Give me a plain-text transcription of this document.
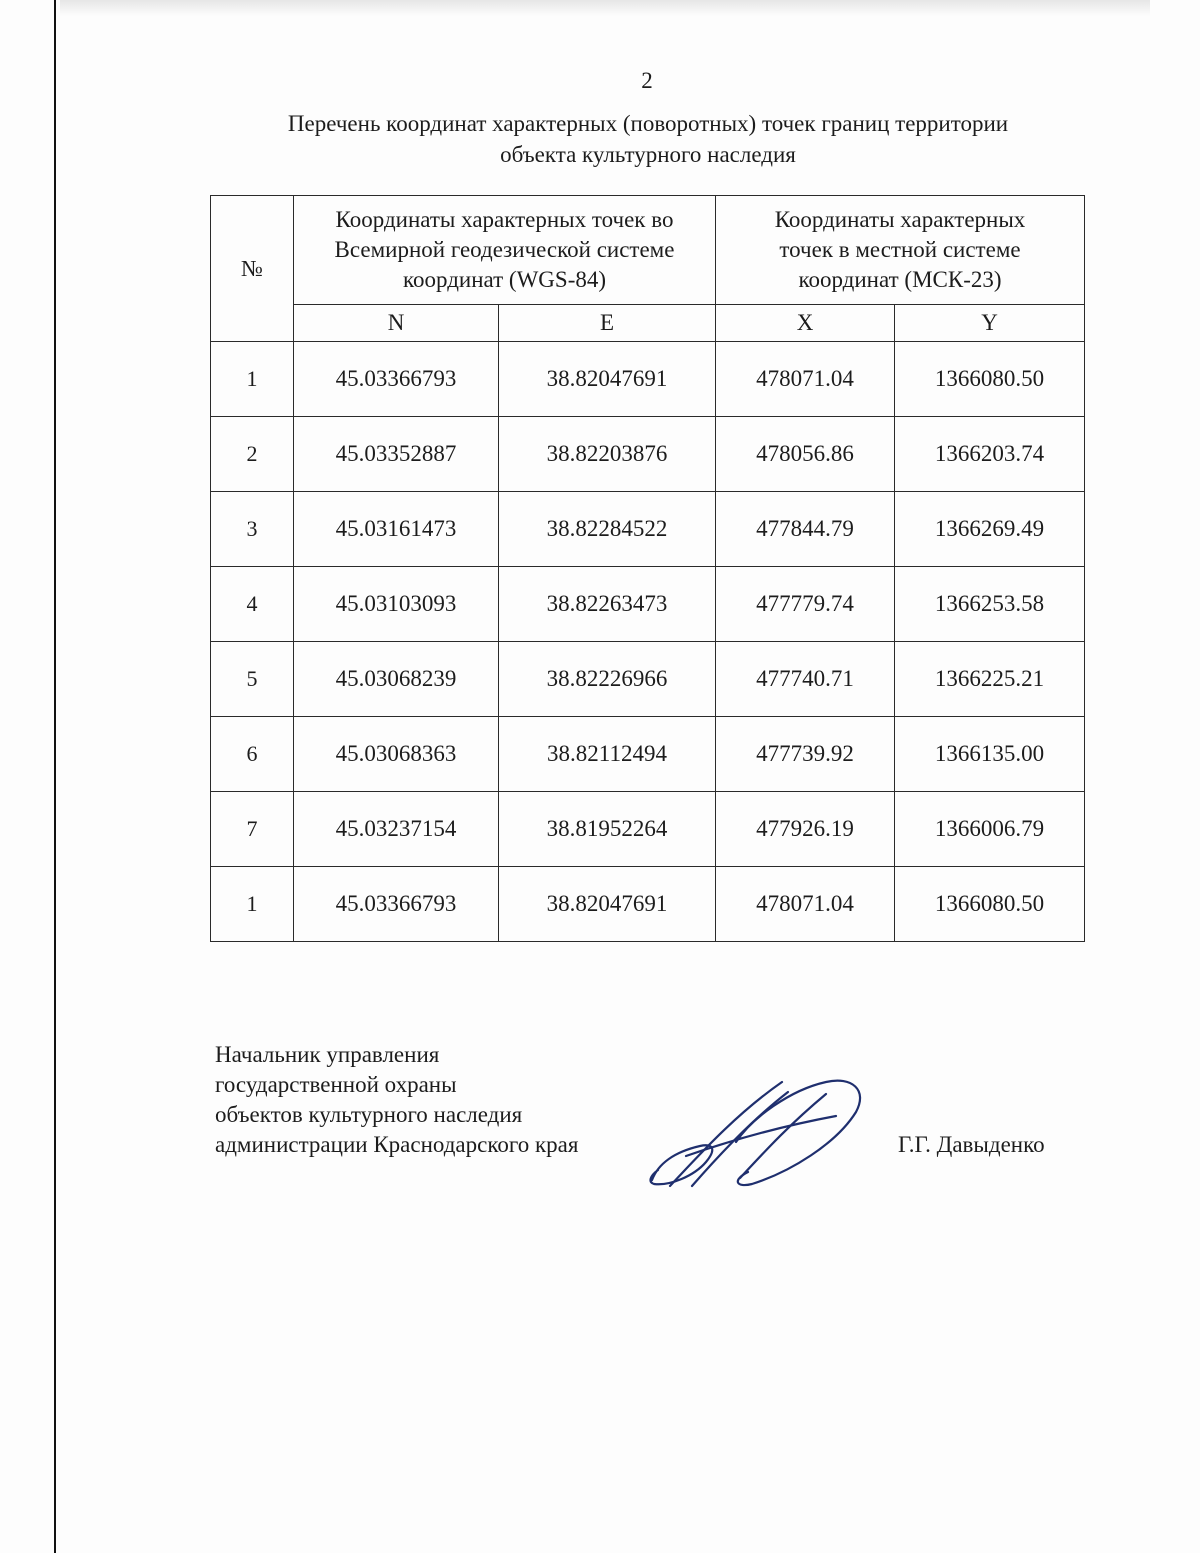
2
Перечень координат характерных (поворотных) точек границ территории
объекта культурного наследия
№	Координаты характерных точек во
Всемирной геодезической системе
координат (WGS-84)		Координаты характерных
точек в местной системе
координат (МСК-23)	

	N	E	X	Y
1	45.03366793	38.82047691	478071.04	1366080.50
2	45.03352887	38.82203876	478056.86	1366203.74
3	45.03161473	38.82284522	477844.79	1366269.49
4	45.03103093	38.82263473	477779.74	1366253.58
5	45.03068239	38.82226966	477740.71	1366225.21
6	45.03068363	38.82112494	477739.92	1366135.00
7	45.03237154	38.81952264	477926.19	1366006.79
1	45.03366793	38.82047691	478071.04	1366080.50
Начальник управления
государственной охраны
объектов культурного наследия
администрации Краснодарского края	Г.Г. Давыденко
